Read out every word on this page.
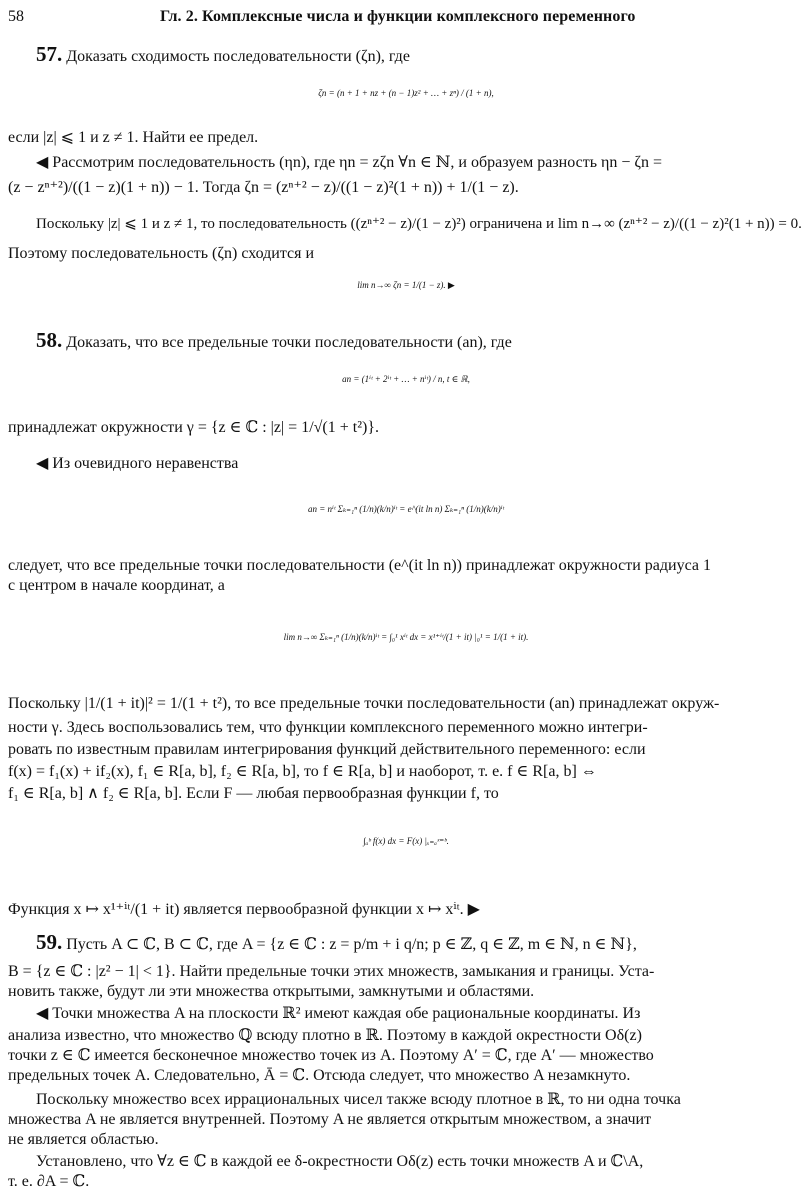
58	Гл. 2. Комплексные числа и функции комплексного переменного
57. Доказать сходимость последовательности (ζn), где
ζn = (n + 1 + nz + (n − 1)z² + … + zⁿ) / (1 + n),
если |z| ⩽ 1 и z ≠ 1. Найти ее предел.
◀ Рассмотрим последовательность (ηn), где ηn = zζn ∀n ∈ ℕ, и образуем разность ηn − ζn =
(z − zⁿ⁺²)/((1 − z)(1 + n)) − 1. Тогда ζn = (zⁿ⁺² − z)/((1 − z)²(1 + n)) + 1/(1 − z).
Поскольку |z| ⩽ 1 и z ≠ 1, то последовательность ((zⁿ⁺² − z)/(1 − z)²) ограничена и lim n→∞ (zⁿ⁺² − z)/((1 − z)²(1 + n)) = 0.
Поэтому последовательность (ζn) сходится и
lim n→∞ ζn = 1/(1 − z). ▶
58. Доказать, что все предельные точки последовательности (an), где
an = (1ⁱᵗ + 2ⁱᵗ + … + nⁱᵗ) / n, t ∈ ℝ,
принадлежат окружности γ = {z ∈ ℂ : |z| = 1/√(1 + t²)}.
◀ Из очевидного неравенства
an = nⁱᵗ Σₖ₌₁ⁿ (1/n)(k/n)ⁱᵗ = e^(it ln n) Σₖ₌₁ⁿ (1/n)(k/n)ⁱᵗ
следует, что все предельные точки последовательности (e^(it ln n)) принадлежат окружности радиуса 1
с центром в начале координат, а
lim n→∞ Σₖ₌₁ⁿ (1/n)(k/n)ⁱᵗ = ∫₀¹ xⁱᵗ dx = x¹⁺ⁱᵗ/(1 + it) |₀¹ = 1/(1 + it).
Поскольку |1/(1 + it)|² = 1/(1 + t²), то все предельные точки последовательности (an) принадлежат окруж-
ности γ. Здесь воспользовались тем, что функции комплексного переменного можно интегри-
ровать по известным правилам интегрирования функций действительного переменного: если
f(x) = f₁(x) + if₂(x), f₁ ∈ R[a, b], f₂ ∈ R[a, b], то f ∈ R[a, b] и наоборот, т. е. f ∈ R[a, b] ⇔
f₁ ∈ R[a, b] ∧ f₂ ∈ R[a, b]. Если F — любая первообразная функции f, то
∫ₐᵇ f(x) dx = F(x) |ₓ₌ₐˣ⁼ᵇ.
Функция x ↦ x¹⁺ⁱᵗ/(1 + it) является первообразной функции x ↦ xⁱᵗ. ▶
59. Пусть A ⊂ ℂ, B ⊂ ℂ, где A = {z ∈ ℂ : z = p/m + i q/n; p ∈ ℤ, q ∈ ℤ, m ∈ ℕ, n ∈ ℕ},
B = {z ∈ ℂ : |z² − 1| < 1}. Найти предельные точки этих множеств, замыкания и границы. Уста-
новить также, будут ли эти множества открытыми, замкнутыми и областями.
◀ Точки множества A на плоскости ℝ² имеют каждая обе рациональные координаты. Из
анализа известно, что множество ℚ всюду плотно в ℝ. Поэтому в каждой окрестности Oδ(z)
точки z ∈ ℂ имеется бесконечное множество точек из A. Поэтому A′ = ℂ, где A′ — множество
предельных точек A. Следовательно, Ā = ℂ. Отсюда следует, что множество A незамкнуто.
Поскольку множество всех иррациональных чисел также всюду плотное в ℝ, то ни одна точка
множества A не является внутренней. Поэтому A не является открытым множеством, а значит
не является областью.
Установлено, что ∀z ∈ ℂ в каждой ее δ-окрестности Oδ(z) есть точки множеств A и ℂ\A,
т. е. ∂A = ℂ.
